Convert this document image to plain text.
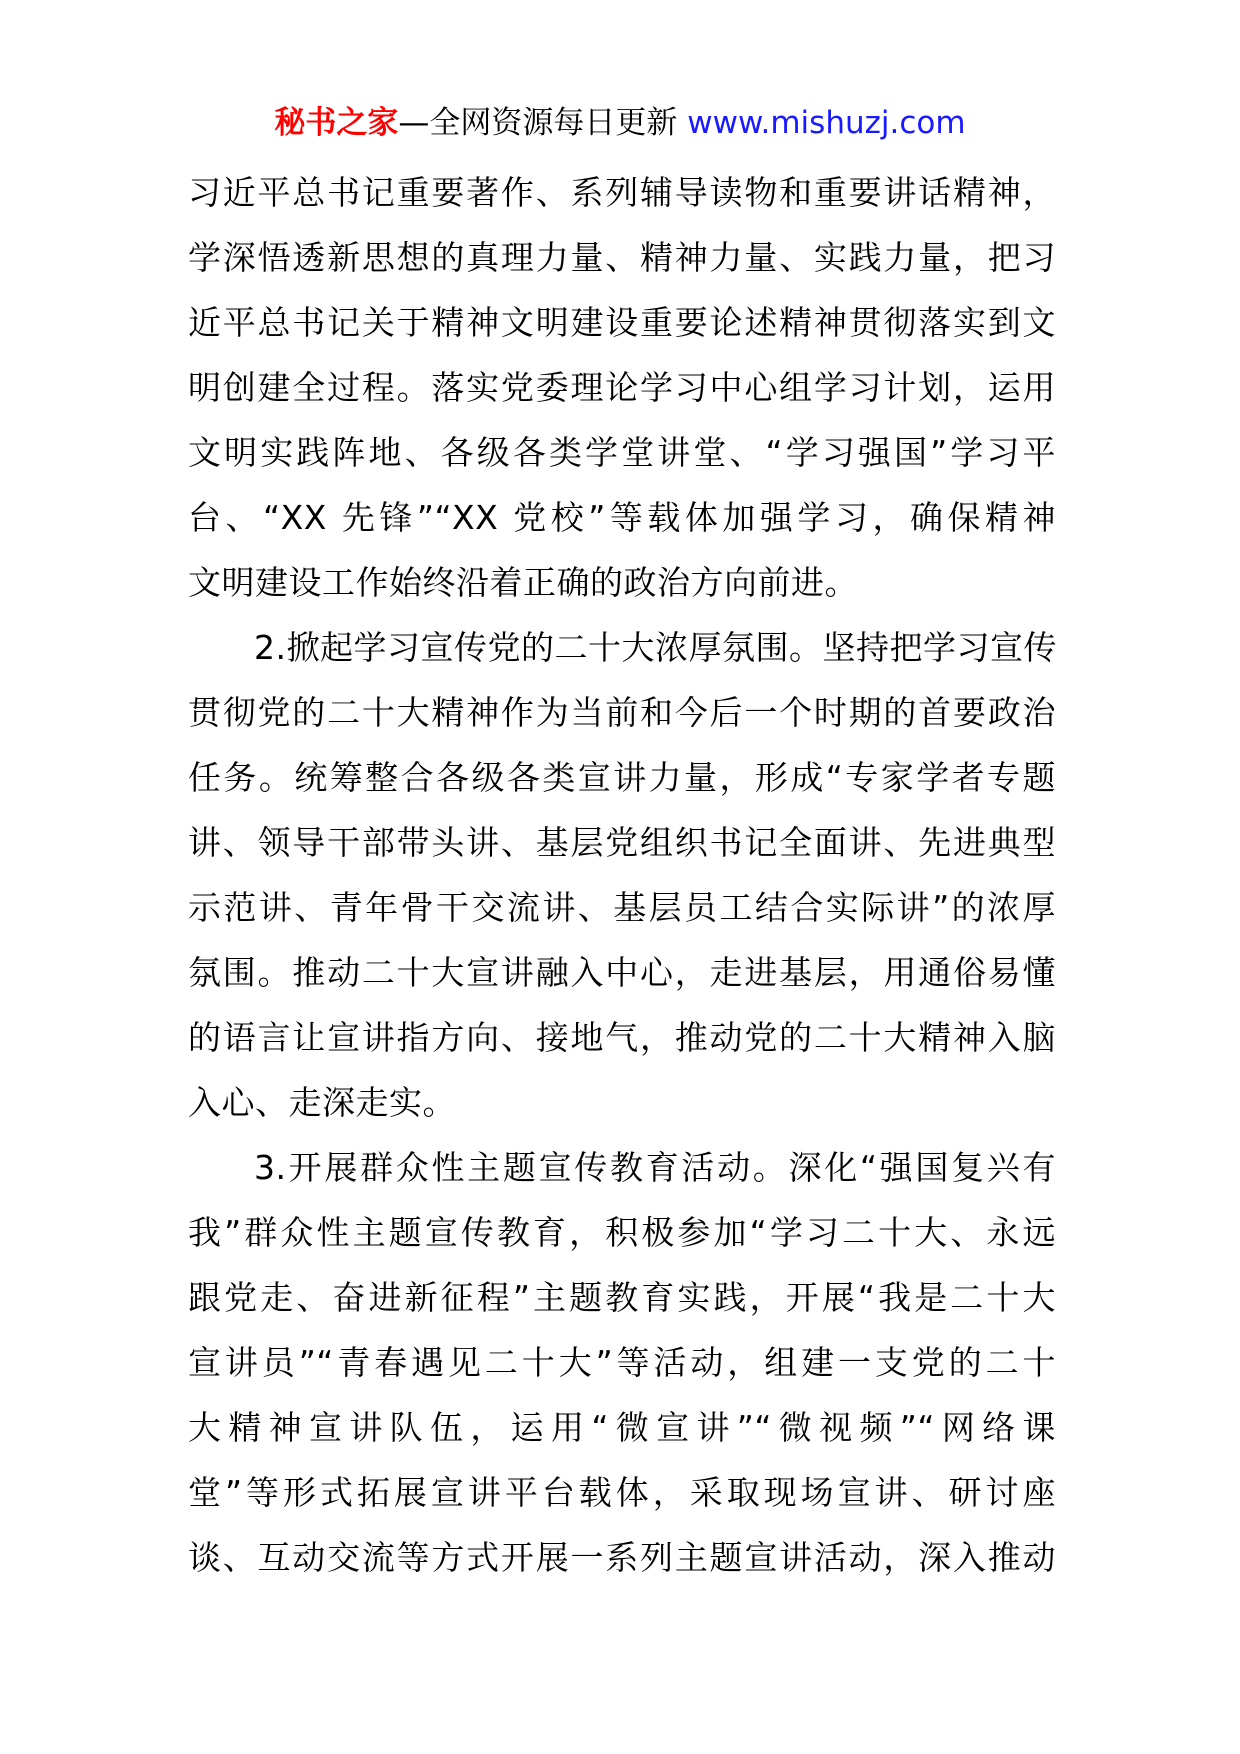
秘书之家—全网资源每日更新 www.mishuzj.com
习近平总书记重要著作、系列辅导读物和重要讲话精神，
学深悟透新思想的真理力量、精神力量、实践力量，把习
近平总书记关于精神文明建设重要论述精神贯彻落实到文
明创建全过程。落实党委理论学习中心组学习计划，运用
文明实践阵地、各级各类学堂讲堂、“学习强国”学习平
台、“XX 先锋”“XX 党校”等载体加强学习，确保精神
文明建设工作始终沿着正确的政治方向前进。
2.掀起学习宣传党的二十大浓厚氛围。坚持把学习宣传
贯彻党的二十大精神作为当前和今后一个时期的首要政治
任务。统筹整合各级各类宣讲力量，形成“专家学者专题
讲、领导干部带头讲、基层党组织书记全面讲、先进典型
示范讲、青年骨干交流讲、基层员工结合实际讲”的浓厚
氛围。推动二十大宣讲融入中心，走进基层，用通俗易懂
的语言让宣讲指方向、接地气，推动党的二十大精神入脑
入心、走深走实。
3.开展群众性主题宣传教育活动。深化“强国复兴有
我”群众性主题宣传教育，积极参加“学习二十大、永远
跟党走、奋进新征程”主题教育实践，开展“我是二十大
宣讲员”“青春遇见二十大”等活动，组建一支党的二十
大精神宣讲队伍，运用“微宣讲”“微视频”“网络课
堂”等形式拓展宣讲平台载体，采取现场宣讲、研讨座
谈、互动交流等方式开展一系列主题宣讲活动，深入推动
